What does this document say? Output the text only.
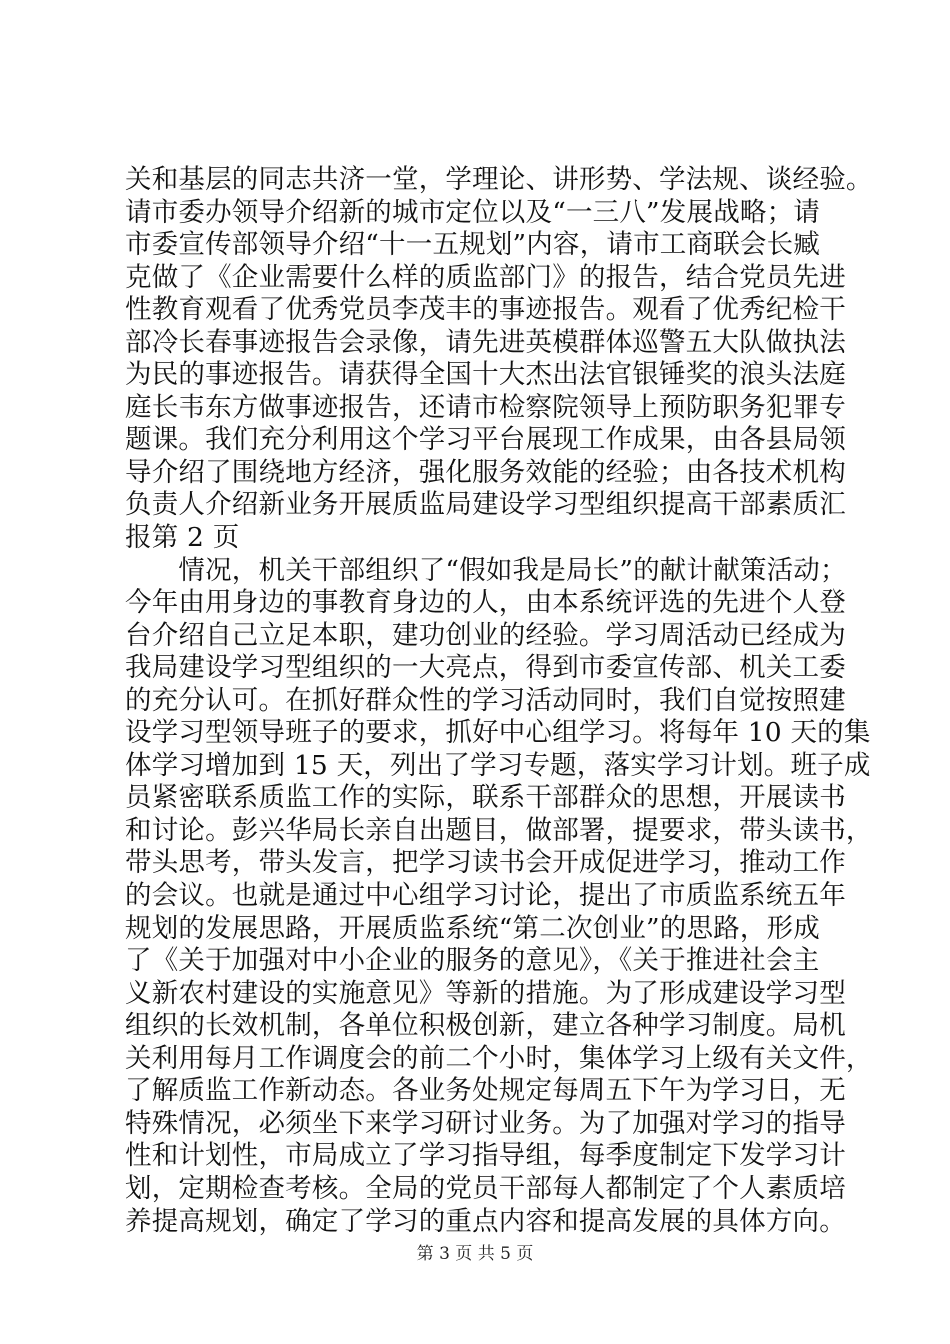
关和基层的同志共济一堂，学理论、讲形势、学法规、谈经验。
请市委办领导介绍新的城市定位以及“一三八”发展战略；请
市委宣传部领导介绍“十一五规划”内容，请市工商联会长臧
克做了《企业需要什么样的质监部门》的报告，结合党员先进
性教育观看了优秀党员李茂丰的事迹报告。观看了优秀纪检干
部冷长春事迹报告会录像，请先进英模群体巡警五大队做执法
为民的事迹报告。请获得全国十大杰出法官银锤奖的浪头法庭
庭长韦东方做事迹报告，还请市检察院领导上预防职务犯罪专
题课。我们充分利用这个学习平台展现工作成果，由各县局领
导介绍了围绕地方经济，强化服务效能的经验；由各技术机构
负责人介绍新业务开展质监局建设学习型组织提高干部素质汇
报第 2 页
　　情况，机关干部组织了“假如我是局长”的献计献策活动；
今年由用身边的事教育身边的人，由本系统评选的先进个人登
台介绍自己立足本职，建功创业的经验。学习周活动已经成为
我局建设学习型组织的一大亮点，得到市委宣传部、机关工委
的充分认可。在抓好群众性的学习活动同时，我们自觉按照建
设学习型领导班子的要求，抓好中心组学习。将每年 10 天的集
体学习增加到 15 天，列出了学习专题，落实学习计划。班子成
员紧密联系质监工作的实际，联系干部群众的思想，开展读书
和讨论。彭兴华局长亲自出题目，做部署，提要求，带头读书，
带头思考，带头发言，把学习读书会开成促进学习，推动工作
的会议。也就是通过中心组学习讨论，提出了市质监系统五年
规划的发展思路，开展质监系统“第二次创业”的思路，形成
了《关于加强对中小企业的服务的意见》，《关于推进社会主
义新农村建设的实施意见》等新的措施。为了形成建设学习型
组织的长效机制，各单位积极创新，建立各种学习制度。局机
关利用每月工作调度会的前二个小时，集体学习上级有关文件，
了解质监工作新动态。各业务处规定每周五下午为学习日，无
特殊情况，必须坐下来学习研讨业务。为了加强对学习的指导
性和计划性，市局成立了学习指导组，每季度制定下发学习计
划，定期检查考核。全局的党员干部每人都制定了个人素质培
养提高规划，确定了学习的重点内容和提高发展的具体方向。
第 3 页 共 5 页
